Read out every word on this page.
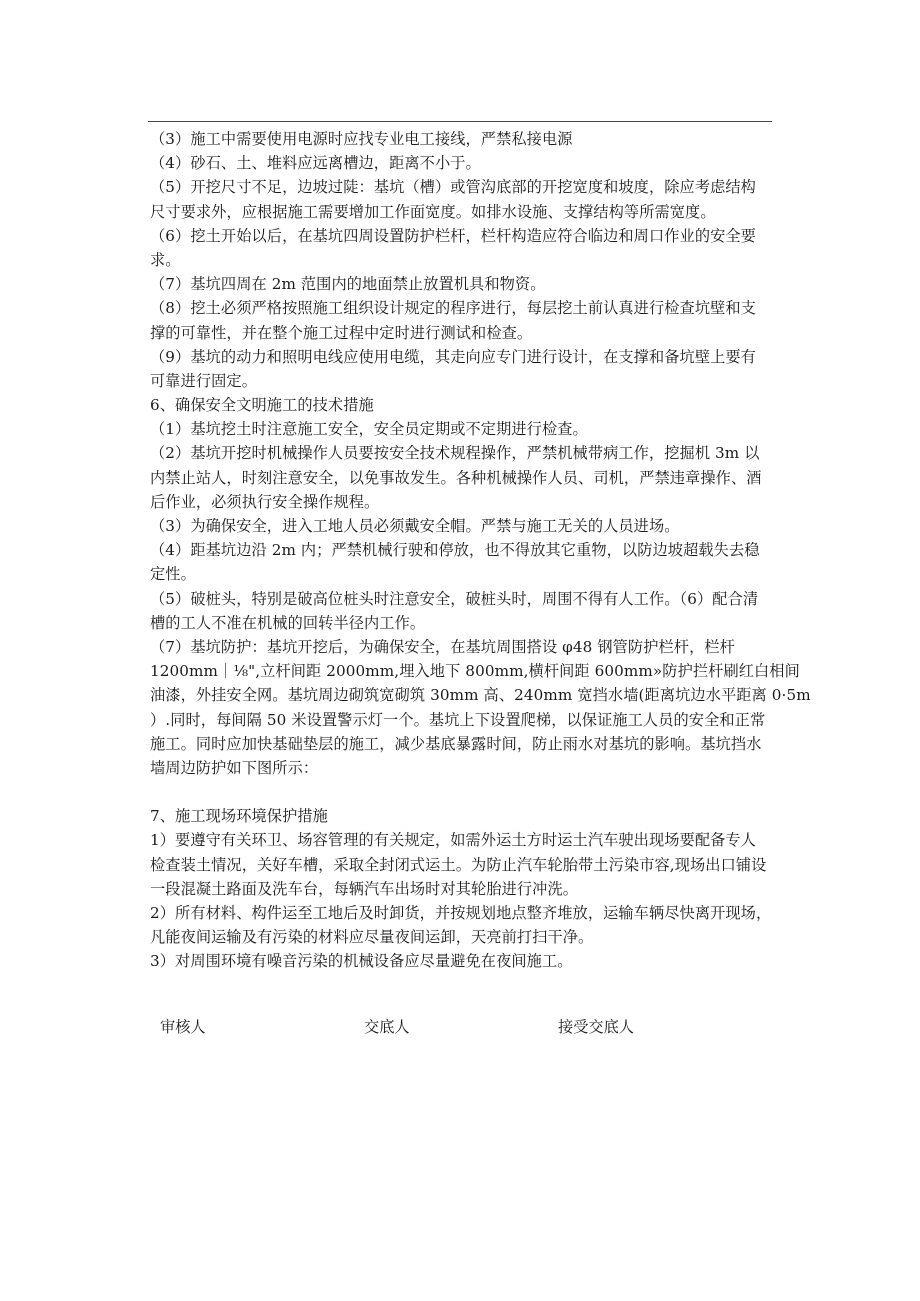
（3）施工中需要使用电源时应找专业电工接线，严禁私接电源
（4）砂石、土、堆料应远离槽边，距离不小于。
（5）开挖尺寸不足，边坡过陡：基坑（槽）或管沟底部的开挖宽度和坡度，除应考虑结构
尺寸要求外，应根据施工需要增加工作面宽度。如排水设施、支撑结构等所需宽度。
（6）挖土开始以后，在基坑四周设置防护栏杆，栏杆构造应符合临边和周口作业的安全要
求。
（7）基坑四周在 2m 范围内的地面禁止放置机具和物资。
（8）挖土必须严格按照施工组织设计规定的程序进行，每层挖土前认真进行检查坑壁和支
撑的可靠性，并在整个施工过程中定时进行测试和检查。
（9）基坑的动力和照明电线应使用电缆，其走向应专门进行设计，在支撑和备坑壁上要有
可靠进行固定。
6、确保安全文明施工的技术措施
（1）基坑挖土时注意施工安全，安全员定期或不定期进行检查。
（2）基坑开挖时机械操作人员要按安全技术规程操作，严禁机械带病工作，挖掘机 3m 以
内禁止站人，时刻注意安全，以免事故发生。各种机械操作人员、司机，严禁违章操作、酒
后作业，必须执行安全操作规程。
（3）为确保安全，进入工地人员必须戴安全帽。严禁与施工无关的人员进场。
（4）距基坑边沿 2m 内；严禁机械行驶和停放，也不得放其它重物，以防边坡超载失去稳
定性。
（5）破桩头，特别是破高位桩头时注意安全，破桩头时，周围不得有人工作。（6）配合清
槽的工人不准在机械的回转半径内工作。
（7）基坑防护：基坑开挖后，为确保安全，在基坑周围搭设 φ48 钢管防护栏杆，栏杆
1200mm｜⅛",立杆间距 2000mm,埋入地下 800mm,横杆间距 600mm»防护拦杆刷红白相间
油漆，外挂安全网。基坑周边砌筑宽砌筑 30mm 高、240mm 宽挡水墙(距离坑边水平距离 0·5m
）.同时，每间隔 50 米设置警示灯一个。基坑上下设置爬梯，以保证施工人员的安全和正常
施工。同时应加快基础垫层的施工，减少基底暴露时间，防止雨水对基坑的影响。基坑挡水
墙周边防护如下图所示：
7、施工现场环境保护措施
1）要遵守有关环卫、场容管理的有关规定，如需外运土方时运土汽车驶出现场要配备专人
检查装土情况，关好车槽，采取全封闭式运土。为防止汽车轮胎带土污染市容,现场出口铺设
一段混凝土路面及洗车台，每辆汽车出场时对其轮胎进行冲洗。
2）所有材料、构件运至工地后及时卸货，并按规划地点整齐堆放，运输车辆尽快离开现场，
凡能夜间运输及有污染的材料应尽量夜间运卸，天亮前打扫干净。
3）对周围环境有噪音污染的机械设备应尽量避免在夜间施工。
审核人	交底人	接受交底人
